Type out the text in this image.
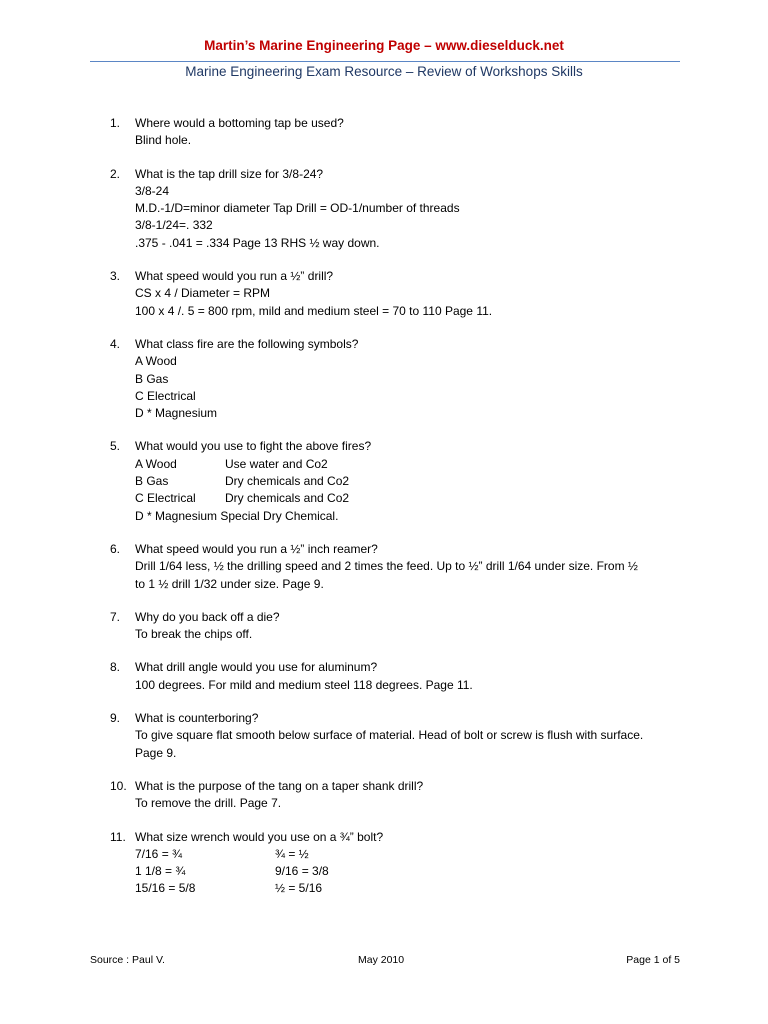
Martin’s Marine Engineering Page – www.dieselduck.net
Marine Engineering Exam Resource – Review of Workshops Skills
1. Where would a bottoming tap be used?
Blind hole.
2. What is the tap drill size for 3/8-24?
3/8-24
M.D.-1/D=minor diameter Tap Drill = OD-1/number of threads
3/8-1/24=. 332
.375 - .041 = .334 Page 13 RHS ½ way down.
3. What speed would you run a ½” drill?
CS x 4 / Diameter = RPM
100 x 4 /. 5 = 800 rpm, mild and medium steel = 70 to 110 Page 11.
4. What class fire are the following symbols?
A Wood
B Gas
C Electrical
D * Magnesium
5. What would you use to fight the above fires?
A Wood	Use water and Co2
B Gas	Dry chemicals and Co2
C Electrical	Dry chemicals and Co2
D * Magnesium Special Dry Chemical.
6. What speed would you run a ½” inch reamer?
Drill 1/64 less, ½ the drilling speed and 2 times the feed. Up to ½” drill 1/64 under size. From ½
to 1 ½ drill 1/32 under size. Page 9.
7. Why do you back off a die?
To break the chips off.
8. What drill angle would you use for aluminum?
100 degrees. For mild and medium steel 118 degrees. Page 11.
9. What is counterboring?
To give square flat smooth below surface of material. Head of bolt or screw is flush with surface.
Page 9.
10. What is the purpose of the tang on a taper shank drill?
To remove the drill. Page 7.
11. What size wrench would you use on a ¾” bolt?
7/16 = ¾	¾ = ½
1 1/8 = ¾	9/16 = 3/8
15/16 = 5/8	½ = 5/16
Source : Paul V.	May 2010	Page 1 of 5
